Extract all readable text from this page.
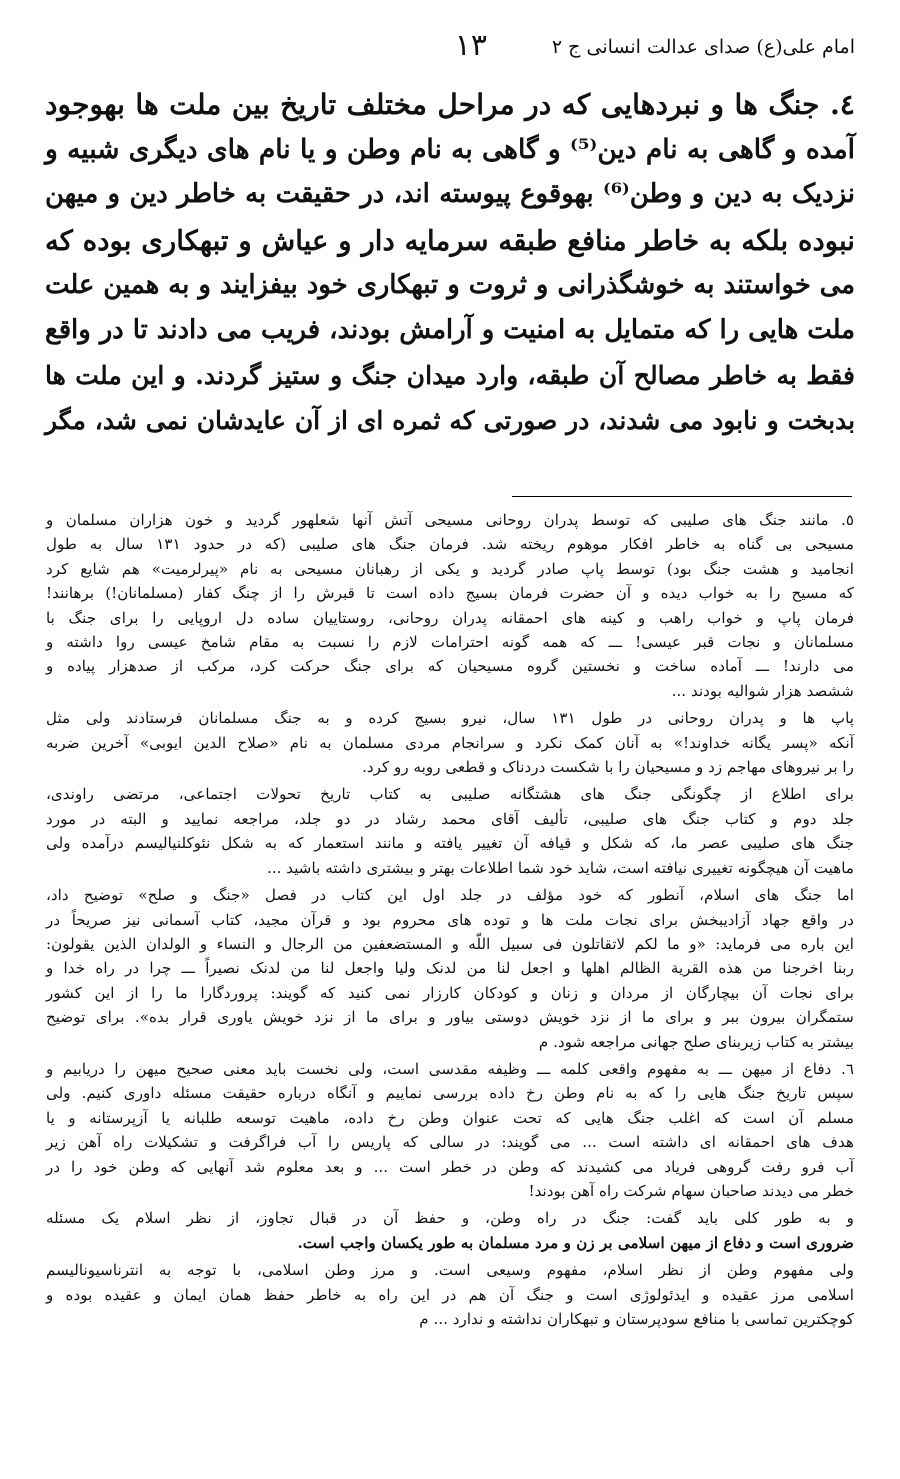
امام علی(ع) صدای عدالت انسانی ج ۲
۱۳

٤. جنگ ها و نبردهایی که در مراحل مختلف تاریخ بین ملت ها بهوجود
آمده و گاهی به نام دین⁽⁵⁾ و گاهی به نام وطن و یا نام های دیگری شبیه و
نزدیک به دین و وطن⁽⁶⁾ بهوقوع پیوسته اند، در حقیقت به خاطر دین و میهن
نبوده بلکه به خاطر منافع طبقه سرمایه دار و عیاش و تبهکاری بوده که
می خواستند به خوشگذرانی و ثروت و تبهکاری خود بیفزایند و به همین علت
ملت هایی را که متمایل به امنیت و آرامش بودند، فریب می دادند تا در واقع
فقط به خاطر مصالح آن طبقه، وارد میدان جنگ و ستیز گردند. و این ملت ها
بدبخت و نابود می شدند، در صورتی که ثمره ای از آن عایدشان نمی شد، مگر

٥. مانند جنگ های صلیبی که توسط پدران روحانی مسیحی آتش آنها شعلهور گردید و خون هزاران مسلمان و
مسیحی بی گناه به خاطر افکار موهوم ریخته شد. فرمان جنگ های صلیبی (که در حدود ۱۳۱ سال به طول
انجامید و هشت جنگ بود) توسط پاپ صادر گردید و یکی از رهبانان مسیحی به نام «پیرلرمیت» هم شایع کرد
که مسیح را به خواب دیده و آن حضرت فرمان بسیج داده است تا قبرش را از چنگ کفار (مسلمانان!) برهانند!
فرمان پاپ و خواب راهب و کینه های احمقانه پدران روحانی، روستاییان ساده دل اروپایی را برای جنگ با
مسلمانان و نجات قبر عیسی! ـــ که همه گونه احترامات لازم را نسبت به مقام شامخ عیسی روا داشته و
می دارند! ـــ آماده ساخت و نخستین گروه مسیحیان که برای جنگ حرکت کرد، مرکب از صدهزار پیاده و
ششصد هزار شوالیه بودند ...

پاپ ها و پدران روحانی در طول ۱۳۱ سال، نیرو بسیج کرده و به جنگ مسلمانان فرستادند ولی مثل
آنکه «پسر یگانه خداوند!» به آنان کمک نکرد و سرانجام مردی مسلمان به نام «صلاح الدین ایوبی» آخرین ضربه
را بر نیروهای مهاجم زد و مسیحیان را با شکست دردناک و قطعی روبه رو کرد.

برای اطلاع از چگونگی جنگ های هشتگانه صلیبی به کتاب تاریخ تحولات اجتماعی، مرتضی راوندی،
جلد دوم و کتاب جنگ های صلیبی، تألیف آقای محمد رشاد در دو جلد، مراجعه نمایید و البته در مورد
جنگ های صلیبی عصر ما، که شکل و قیافه آن تغییر یافته و مانند استعمار که به شکل نئوکلنیالیسم درآمده ولی
ماهیت آن هیچگونه تغییری نیافته است، شاید خود شما اطلاعات بهتر و بیشتری داشته باشید ...

اما جنگ های اسلام، آنطور که خود مؤلف در جلد اول این کتاب در فصل «جنگ و صلح» توضیح داد،
در واقع جهاد آزادیبخش برای نجات ملت ها و توده های محروم بود و قرآن مجید، کتاب آسمانی نیز صریحاً در
این باره می فرماید: «و ما لکم لاتقاتلون فی سبیل اللّه و المستضعفین من الرجال و النساء و الولدان الذین یقولون:
ربنا اخرجنا من هذه القریة الظالم اهلها و اجعل لنا من لدنک ولیا واجعل لنا من لدنک نصیراً ـــ چرا در راه خدا و
برای نجات آن بیچارگان از مردان و زنان و کودکان کارزار نمی کنید که گویند: پروردگارا ما را از این کشور
ستمگران بیرون ببر و برای ما از نزد خویش دوستی بیاور و برای ما از نزد خویش یاوری قرار بده». برای توضیح
بیشتر به کتاب زیربنای صلح جهانی مراجعه شود. م

٦. دفاع از میهن ـــ به مفهوم واقعی کلمه ـــ وظیفه مقدسی است، ولی نخست باید معنی صحیح میهن را دریابیم و
سپس تاریخ جنگ هایی را که به نام وطن رخ داده بررسی نماییم و آنگاه درباره حقیقت مسئله داوری کنیم. ولی
مسلم آن است که اغلب جنگ هایی که تحت عنوان وطن رخ داده، ماهیت توسعه طلبانه یا آزپرستانه و یا
هدف های احمقانه ای داشته است ... می گویند: در سالی که پاریس را آب فراگرفت و تشکیلات راه آهن زیر
آب فرو رفت گروهی فریاد می کشیدند که وطن در خطر است ... و بعد معلوم شد آنهایی که وطن خود را در
خطر می دیدند صاحبان سهام شرکت راه آهن بودند!

و به طور کلی باید گفت: جنگ در راه وطن، و حفظ آن در قبال تجاوز، از نظر اسلام یک مسئله
ضروری است و دفاع از میهن اسلامی بر زن و مرد مسلمان به طور یکسان واجب است.

ولی مفهوم وطن از نظر اسلام، مفهوم وسیعی است. و مرز وطن اسلامی، با توجه به انترناسیونالیسم
اسلامی مرز عقیده و ایدئولوژی است و جنگ آن هم در این راه به خاطر حفظ همان ایمان و عقیده بوده و
کوچکترین تماسی با منافع سودپرستان و تبهکاران نداشته و ندارد ... م
